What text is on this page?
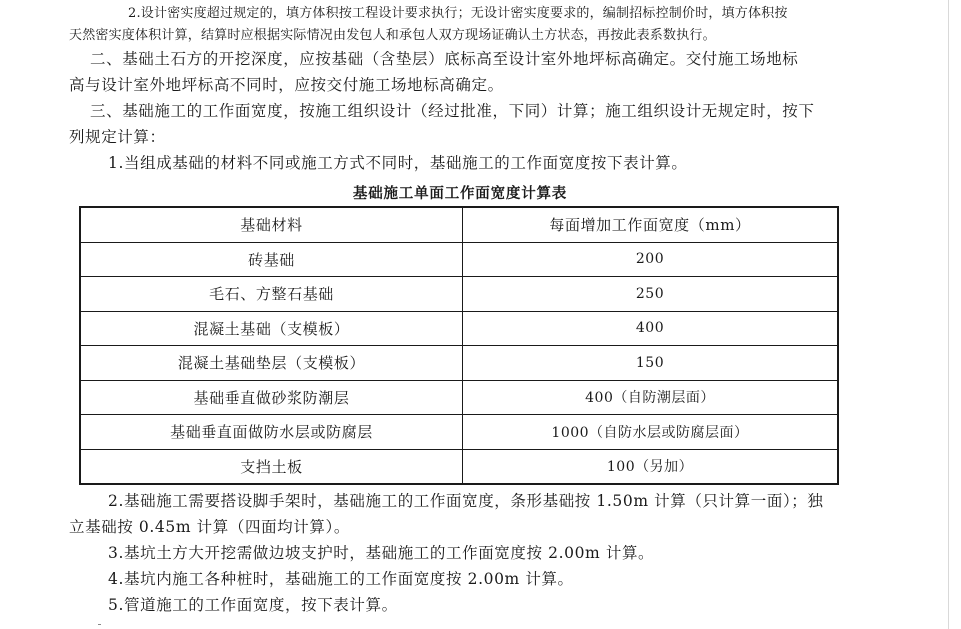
2.设计密实度超过规定的，填方体积按工程设计要求执行；无设计密实度要求的，编制招标控制价时，填方体积按
天然密实度体积计算，结算时应根据实际情况由发包人和承包人双方现场证确认土方状态，再按此表系数执行。
二、基础土石方的开挖深度，应按基础（含垫层）底标高至设计室外地坪标高确定。交付施工场地标
高与设计室外地坪标高不同时，应按交付施工场地标高确定。
三、基础施工的工作面宽度，按施工组织设计（经过批准，下同）计算；施工组织设计无规定时，按下
列规定计算：
1.当组成基础的材料不同或施工方式不同时，基础施工的工作面宽度按下表计算。
基础施工单面工作面宽度计算表
基础材料	每面增加工作面宽度（mm）
砖基础	200
毛石、方整石基础	250
混凝土基础（支模板）	400
混凝土基础垫层（支模板）	150
基础垂直做砂浆防潮层	400（自防潮层面）
基础垂直面做防水层或防腐层	1000（自防水层或防腐层面）
支挡土板	100（另加）
2.基础施工需要搭设脚手架时，基础施工的工作面宽度，条形基础按 1.50m 计算（只计算一面）；独
立基础按 0.45m 计算（四面均计算）。
3.基坑土方大开挖需做边坡支护时，基础施工的工作面宽度按 2.00m 计算。
4.基坑内施工各种桩时，基础施工的工作面宽度按 2.00m 计算。
5.管道施工的工作面宽度，按下表计算。
